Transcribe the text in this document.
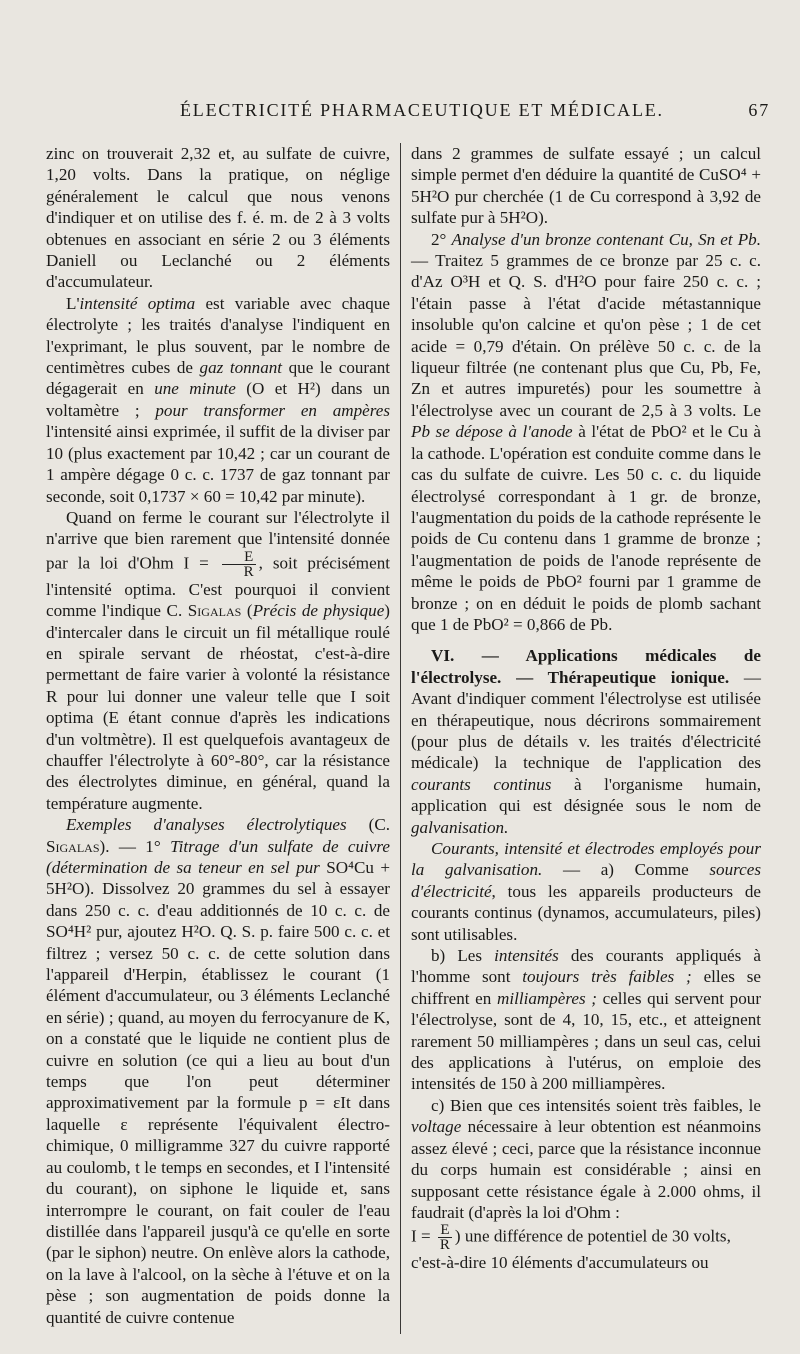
ÉLECTRICITÉ PHARMACEUTIQUE ET MÉDICALE.	67

zinc on trouverait 2,32 et, au sulfate de cuivre, 1,20 volts. Dans la pratique, on néglige généralement le calcul que nous venons d'indiquer et on utilise des f. é. m. de 2 à 3 volts obtenues en associant en série 2 ou 3 éléments Daniell ou Leclanché ou 2 éléments d'accumulateur.

L'intensité optima est variable avec chaque électrolyte ; les traités d'analyse l'indiquent en l'exprimant, le plus souvent, par le nombre de centimètres cubes de gaz tonnant que le courant dégagerait en une minute (O et H²) dans un voltamètre ; pour transformer en ampères l'intensité ainsi exprimée, il suffit de la diviser par 10 (plus exactement par 10,42 ; car un courant de 1 ampère dégage 0 c. c. 1737 de gaz tonnant par seconde, soit 0,1737 × 60 = 10,42 par minute).

Quand on ferme le courant sur l'électrolyte il n'arrive que bien rarement que l'intensité donnée par la loi d'Ohm $I = \frac{E}{R}$ , soit précisément l'intensité optima. C'est pourquoi il convient comme l'indique C. Sigalas (Précis de physique) d'intercaler dans le circuit un fil métallique roulé en spirale servant de rhéostat, c'est-à-dire permettant de faire varier à volonté la résistance R pour lui donner une valeur telle que I soit optima (E étant connue d'après les indications d'un voltmètre). Il est quelquefois avantageux de chauffer l'électrolyte à 60°-80°, car la résistance des électrolytes diminue, en général, quand la température augmente.

Exemples d'analyses électrolytiques (C. Sigalas). — 1° Titrage d'un sulfate de cuivre (détermination de sa teneur en sel pur SO⁴Cu + 5H²O). Dissolvez 20 grammes du sel à essayer dans 250 c. c. d'eau additionnés de 10 c. c. de SO⁴H² pur, ajoutez H²O. Q. S. p. faire 500 c. c. et filtrez ; versez 50 c. c. de cette solution dans l'appareil d'Herpin, établissez le courant (1 élément d'accumulateur, ou 3 éléments Leclanché en série) ; quand, au moyen du ferrocyanure de K, on a constaté que le liquide ne contient plus de cuivre en solution (ce qui a lieu au bout d'un temps que l'on peut déterminer approximativement par la formule p = εIt dans laquelle ε représente l'équivalent électro-chimique, 0 milligramme 327 du cuivre rapporté au coulomb, t le temps en secondes, et I l'intensité du courant), on siphone le liquide et, sans interrompre le courant, on fait couler de l'eau distillée dans l'appareil jusqu'à ce qu'elle en sorte (par le siphon) neutre. On enlève alors la cathode, on la lave à l'alcool, on la sèche à l'étuve et on la pèse ; son augmentation de poids donne la quantité de cuivre contenue

dans 2 grammes de sulfate essayé ; un calcul simple permet d'en déduire la quantité de CuSO⁴ + 5H²O pur cherchée (1 de Cu correspond à 3,92 de sulfate pur à 5H²O).

2° Analyse d'un bronze contenant Cu, Sn et Pb. — Traitez 5 grammes de ce bronze par 25 c. c. d'Az O³H et Q. S. d'H²O pour faire 250 c. c. ; l'étain passe à l'état d'acide métastannique insoluble qu'on calcine et qu'on pèse ; 1 de cet acide = 0,79 d'étain. On prélève 50 c. c. de la liqueur filtrée (ne contenant plus que Cu, Pb, Fe, Zn et autres impuretés) pour les soumettre à l'électrolyse avec un courant de 2,5 à 3 volts. Le Pb se dépose à l'anode à l'état de PbO² et le Cu à la cathode. L'opération est conduite comme dans le cas du sulfate de cuivre. Les 50 c. c. du liquide électrolysé correspondant à 1 gr. de bronze, l'augmentation du poids de la cathode représente le poids de Cu contenu dans 1 gramme de bronze ; l'augmentation de poids de l'anode représente de même le poids de PbO² fourni par 1 gramme de bronze ; on en déduit le poids de plomb sachant que 1 de PbO² = 0,866 de Pb.

VI. — Applications médicales de l'électrolyse. — Thérapeutique ionique. — Avant d'indiquer comment l'électrolyse est utilisée en thérapeutique, nous décrirons sommairement (pour plus de détails v. les traités d'électricité médicale) la technique de l'application des courants continus à l'organisme humain, application qui est désignée sous le nom de galvanisation.

Courants, intensité et électrodes employés pour la galvanisation. — a) Comme sources d'électricité, tous les appareils producteurs de courants continus (dynamos, accumulateurs, piles) sont utilisables.

b) Les intensités des courants appliqués à l'homme sont toujours très faibles ; elles se chiffrent en milliampères ; celles qui servent pour l'électrolyse, sont de 4, 10, 15, etc., et atteignent rarement 50 milliampères ; dans un seul cas, celui des applications à l'utérus, on emploie des intensités de 150 à 200 milliampères.

c) Bien que ces intensités soient très faibles, le voltage nécessaire à leur obtention est néanmoins assez élevé ; ceci, parce que la résistance inconnue du corps humain est considérable ; ainsi en supposant cette résistance égale à 2.000 ohms, il faudrait (d'après la loi d'Ohm :

$I = \frac{E}{R}$ ) une différence de potentiel de 30 volts,

c'est-à-dire 10 éléments d'accumulateurs ou
